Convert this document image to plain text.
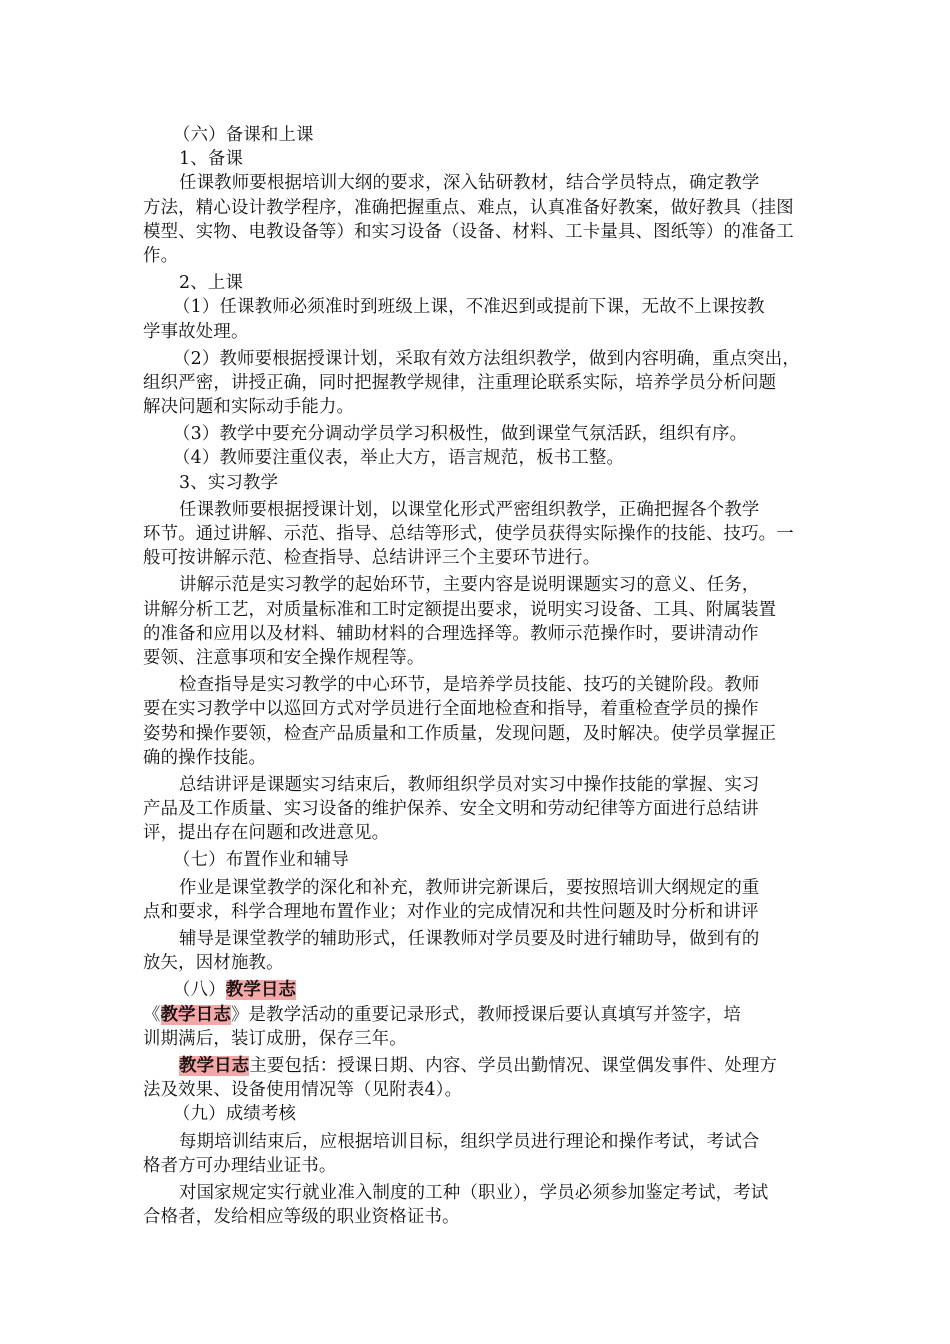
（六）备课和上课
1、备课
任课教师要根据培训大纲的要求，深入钻研教材，结合学员特点，确定教学
方法，精心设计教学程序，准确把握重点、难点，认真准备好教案，做好教具（挂图
模型、实物、电教设备等）和实习设备（设备、材料、工卡量具、图纸等）的准备工
作。
2、上课
（1）任课教师必须准时到班级上课，不准迟到或提前下课，无故不上课按教
学事故处理。
（2）教师要根据授课计划，采取有效方法组织教学，做到内容明确，重点突出，
组织严密，讲授正确，同时把握教学规律，注重理论联系实际，培养学员分析问题
解决问题和实际动手能力。
（3）教学中要充分调动学员学习积极性，做到课堂气氛活跃，组织有序。
（4）教师要注重仪表，举止大方，语言规范，板书工整。
3、实习教学
任课教师要根据授课计划，以课堂化形式严密组织教学，正确把握各个教学
环节。通过讲解、示范、指导、总结等形式，使学员获得实际操作的技能、技巧。一
般可按讲解示范、检查指导、总结讲评三个主要环节进行。
讲解示范是实习教学的起始环节，主要内容是说明课题实习的意义、任务，
讲解分析工艺，对质量标准和工时定额提出要求，说明实习设备、工具、附属装置
的准备和应用以及材料、辅助材料的合理选择等。教师示范操作时，要讲清动作
要领、注意事项和安全操作规程等。
检查指导是实习教学的中心环节，是培养学员技能、技巧的关键阶段。教师
要在实习教学中以巡回方式对学员进行全面地检查和指导，着重检查学员的操作
姿势和操作要领，检查产品质量和工作质量，发现问题，及时解决。使学员掌握正
确的操作技能。
总结讲评是课题实习结束后，教师组织学员对实习中操作技能的掌握、实习
产品及工作质量、实习设备的维护保养、安全文明和劳动纪律等方面进行总结讲
评，提出存在问题和改进意见。
（七）布置作业和辅导
作业是课堂教学的深化和补充，教师讲完新课后，要按照培训大纲规定的重
点和要求，科学合理地布置作业；对作业的完成情况和共性问题及时分析和讲评
辅导是课堂教学的辅助形式，任课教师对学员要及时进行辅助导，做到有的
放矢，因材施教。
（八）教学日志
《教学日志》是教学活动的重要记录形式，教师授课后要认真填写并签字，培
训期满后，装订成册，保存三年。
教学日志主要包括：授课日期、内容、学员出勤情况、课堂偶发事件、处理方
法及效果、设备使用情况等（见附表4）。
（九）成绩考核
每期培训结束后，应根据培训目标，组织学员进行理论和操作考试，考试合
格者方可办理结业证书。
对国家规定实行就业准入制度的工种（职业），学员必须参加鉴定考试，考试
合格者，发给相应等级的职业资格证书。
